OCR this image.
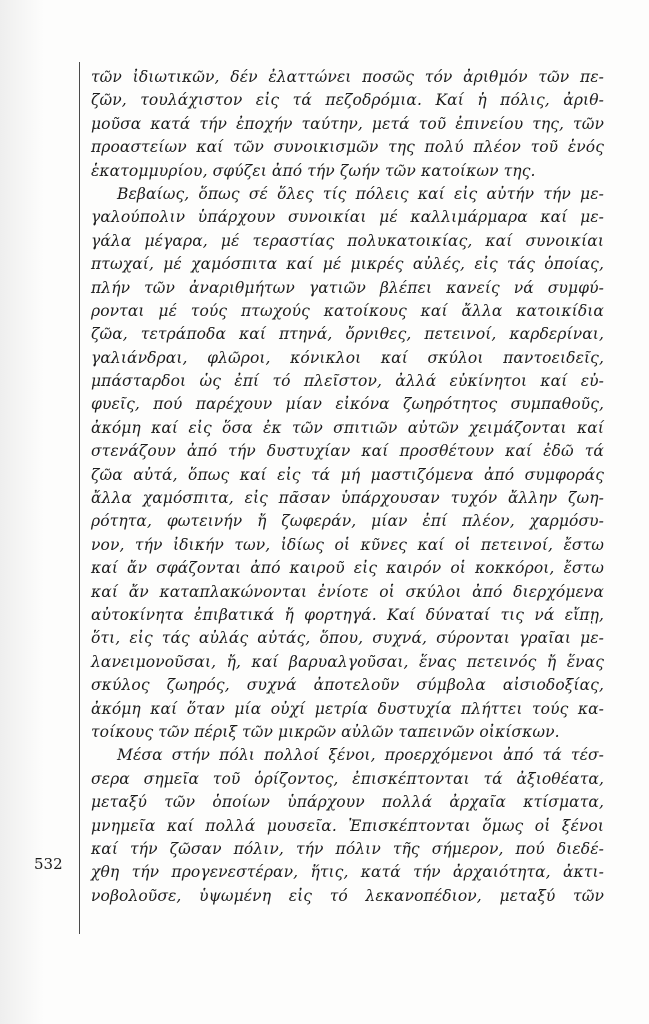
τῶν ἰδιωτικῶν, δέν ἐλαττώνει ποσῶς τόν ἀριθμόν τῶν πε-
ζῶν, τουλάχιστον εἰς τά πεζοδρόμια. Καί ἡ πόλις, ἀριθ-
μοῦσα κατά τήν ἐποχήν ταύτην, μετά τοῦ ἐπινείου της, τῶν
προαστείων καί τῶν συνοικισμῶν της πολύ πλέον τοῦ ἑνός
ἑκατομμυρίου, σφύζει ἀπό τήν ζωήν τῶν κατοίκων της.
Βεβαίως, ὅπως σέ ὅλες τίς πόλεις καί εἰς αὐτήν τήν με-
γαλούπολιν ὑπάρχουν συνοικίαι μέ καλλιμάρμαρα καί με-
γάλα μέγαρα, μέ τεραστίας πολυκατοικίας, καί συνοικίαι
πτωχαί, μέ χαμόσπιτα καί μέ μικρές αὐλές, εἰς τάς ὁποίας,
πλήν τῶν ἀναριθμήτων γατιῶν βλέπει κανείς νά συμφύ-
ρονται μέ τούς πτωχούς κατοίκους καί ἄλλα κατοικίδια
ζῶα, τετράποδα καί πτηνά, ὄρνιθες, πετεινοί, καρδερίναι,
γαλιάνδραι, φλῶροι, κόνικλοι καί σκύλοι παντοειδεῖς,
μπάσταρδοι ὡς ἐπί τό πλεῖστον, ἀλλά εὐκίνητοι καί εὐ-
φυεῖς, πού παρέχουν μίαν εἰκόνα ζωηρότητος συμπαθοῦς,
ἀκόμη καί εἰς ὅσα ἐκ τῶν σπιτιῶν αὐτῶν χειμάζονται καί
στενάζουν ἀπό τήν δυστυχίαν καί προσθέτουν καί ἐδῶ τά
ζῶα αὐτά, ὅπως καί εἰς τά μή μαστιζόμενα ἀπό συμφοράς
ἄλλα χαμόσπιτα, εἰς πᾶσαν ὑπάρχουσαν τυχόν ἄλλην ζωη-
ρότητα, φωτεινήν ἤ ζωφεράν, μίαν ἐπί πλέον, χαρμόσυ-
νον, τήν ἰδικήν των, ἰδίως οἱ κῦνες καί οἱ πετεινοί, ἔστω
καί ἄν σφάζονται ἀπό καιροῦ εἰς καιρόν οἱ κοκκόροι, ἔστω
καί ἄν καταπλακώνονται ἐνίοτε οἱ σκύλοι ἀπό διερχόμενα
αὐτοκίνητα ἐπιβατικά ἤ φορτηγά. Καί δύναταί τις νά εἴπῃ,
ὅτι, εἰς τάς αὐλάς αὐτάς, ὅπου, συχνά, σύρονται γραῖαι με-
λανειμονοῦσαι, ἤ, καί βαρυαλγοῦσαι, ἕνας πετεινός ἤ ἕνας
σκύλος ζωηρός, συχνά ἀποτελοῦν σύμβολα αἰσιοδοξίας,
ἀκόμη καί ὅταν μία οὐχί μετρία δυστυχία πλήττει τούς κα-
τοίκους τῶν πέριξ τῶν μικρῶν αὐλῶν ταπεινῶν οἰκίσκων.
Μέσα στήν πόλι πολλοί ξένοι, προερχόμενοι ἀπό τά τέσ-
σερα σημεῖα τοῦ ὁρίζοντος, ἐπισκέπτονται τά ἀξιοθέατα,
μεταξύ τῶν ὁποίων ὑπάρχουν πολλά ἀρχαῖα κτίσματα,
μνημεῖα καί πολλά μουσεῖα. Ἐπισκέπτονται ὅμως οἱ ξένοι
καί τήν ζῶσαν πόλιν, τήν πόλιν τῆς σήμερον, πού διεδέ-
χθη τήν προγενεστέραν, ἥτις, κατά τήν ἀρχαιότητα, ἀκτι-
νοβολοῦσε, ὑψωμένη εἰς τό λεκανοπέδιον, μεταξύ τῶν
532
